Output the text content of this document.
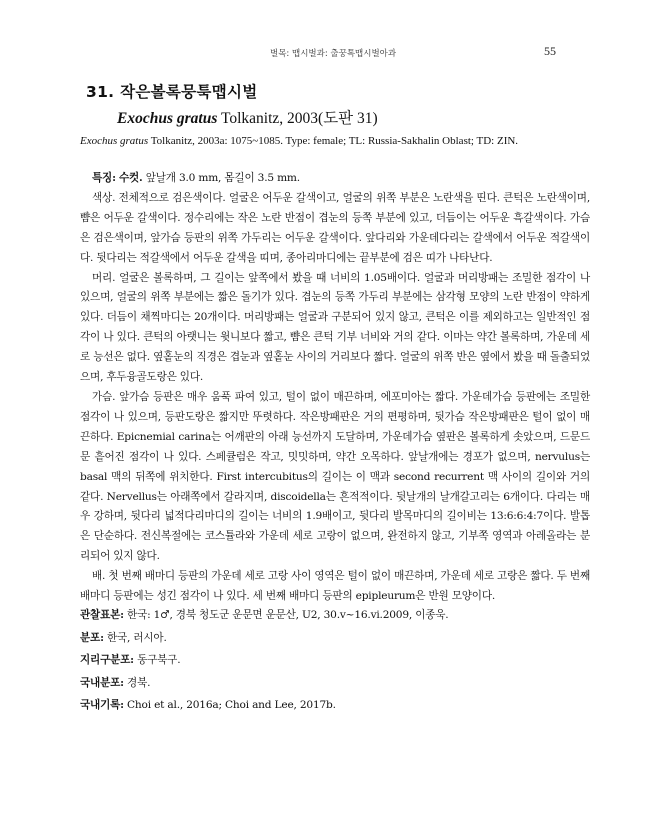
벌목: 맵시벌과: 출꿍톡맵시벌아과	55
31. 작은볼록뭉툭맵시벌
Exochus gratus Tolkanitz, 2003(도판 31)
Exochus gratus Tolkanitz, 2003a: 1075~1085. Type: female; TL: Russia-Sakhalin Oblast; TD: ZIN.

특징: 수컷. 앞날개 3.0 mm, 몸길이 3.5 mm.

색상. 전체적으로 검은색이다. 얼굴은 어두운 갈색이고, 얼굴의 위쪽 부분은 노란색을 띤다. 큰턱은 노란색이며, 뺨은 어두운 갈색이다. 정수리에는 작은 노란 반점이 겹눈의 등쪽 부분에 있고, 더듬이는 어두운 흑갈색이다. 가슴은 검은색이며, 앞가슴 등판의 위쪽 가두리는 어두운 갈색이다. 앞다리와 가운데다리는 갈색에서 어두운 적갈색이다. 뒷다리는 적갈색에서 어두운 갈색을 띠며, 종아리마디에는 끝부분에 검은 띠가 나타난다.

머리. 얼굴은 볼록하며, 그 길이는 앞쪽에서 봤을 때 너비의 1.05배이다. 얼굴과 머리방패는 조밀한 점각이 나 있으며, 얼굴의 위쪽 부분에는 짧은 돌기가 있다. 겹눈의 등쪽 가두리 부분에는 삼각형 모양의 노란 반점이 약하게 있다. 더듬이 채찍마디는 20개이다. 머리방패는 얼굴과 구분되어 있지 않고, 큰턱은 이를 제외하고는 일반적인 점각이 나 있다. 큰턱의 아랫니는 윗니보다 짧고, 뺨은 큰턱 기부 너비와 거의 같다. 이마는 약간 볼록하며, 가운데 세로 능선은 없다. 옆홑눈의 직경은 겹눈과 옆홑눈 사이의 거리보다 짧다. 얼굴의 위쪽 반은 옆에서 봤을 때 돌출되었으며, 후두융골도랑은 있다.

가슴. 앞가슴 등판은 매우 움푹 파여 있고, 털이 없이 매끈하며, 에포미아는 짧다. 가운데가슴 등판에는 조밀한 점각이 나 있으며, 등판도랑은 짧지만 뚜렷하다. 작은방패판은 거의 편평하며, 뒷가슴 작은방패판은 털이 없이 매끈하다. Epicnemial carina는 어깨판의 아래 능선까지 도달하며, 가운데가슴 옆판은 볼록하게 솟았으며, 드문드문 흩어진 점각이 나 있다. 스페큘럼은 작고, 밋밋하며, 약간 오목하다. 앞날개에는 경포가 없으며, nervulus는 basal 맥의 뒤쪽에 위치한다. First intercubitus의 길이는 이 맥과 second recurrent 맥 사이의 길이와 거의 같다. Nervellus는 아래쪽에서 갈라지며, discoidella는 흔적적이다. 뒷날개의 날개갈고리는 6개이다. 다리는 매우 강하며, 뒷다리 넓적다리마디의 길이는 너비의 1.9배이고, 뒷다리 발목마디의 길이비는 13:6:6:4:7이다. 발톱은 단순하다. 전신복절에는 코스튤라와 가운데 세로 고랑이 없으며, 완전하지 않고, 기부쪽 영역과 아레올라는 분리되어 있지 않다.

배. 첫 번째 배마디 등판의 가운데 세로 고랑 사이 영역은 털이 없이 매끈하며, 가운데 세로 고랑은 짧다. 두 번째 배마디 등판에는 성긴 점각이 나 있다. 세 번째 배마디 등판의 epipleurum은 반원 모양이다.

관찰표본: 한국: 1♂, 경북 청도군 운문면 운문산, U2, 30.v~16.vi.2009, 이종욱.
분포: 한국, 러시아.
지리구분포: 동구북구.
국내분포: 경북.
국내기록: Choi et al., 2016a; Choi and Lee, 2017b.
